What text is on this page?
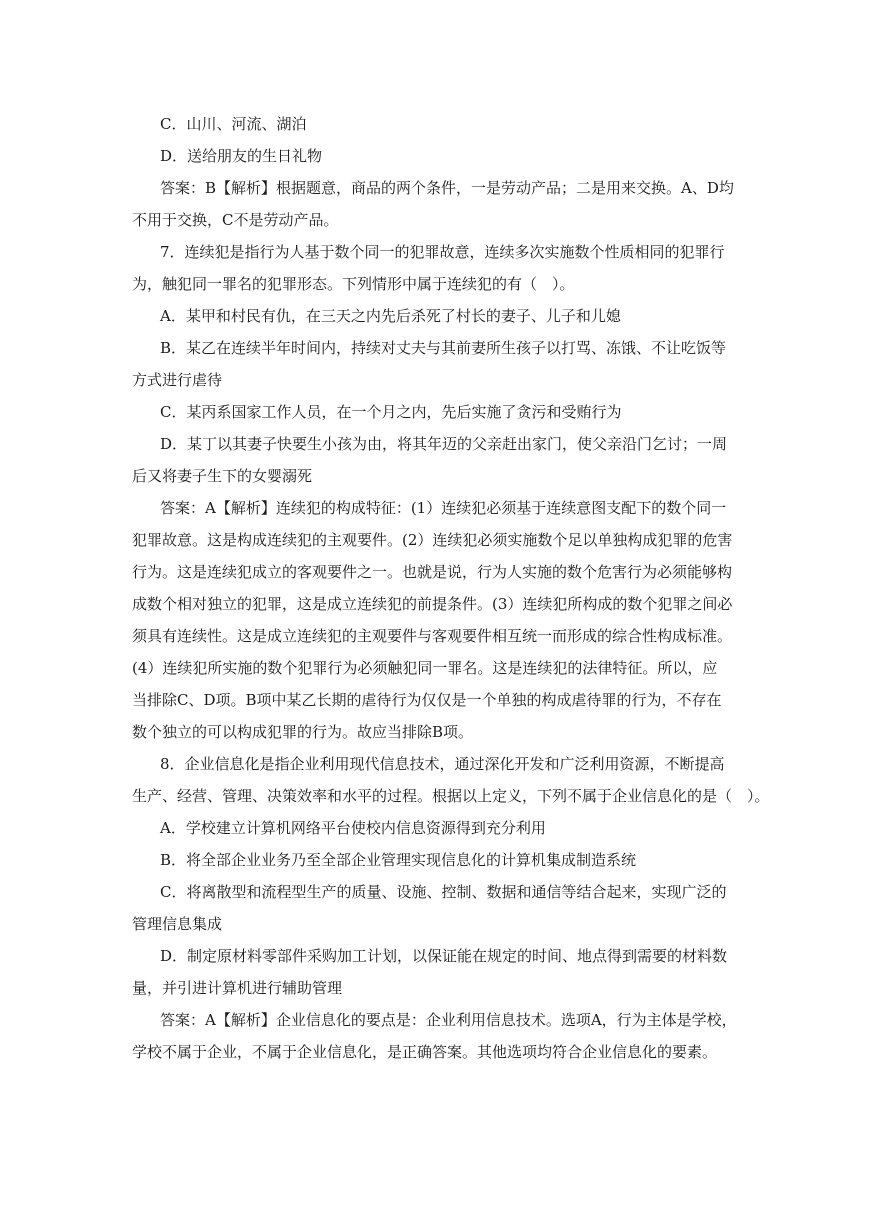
C．山川、河流、湖泊
D．送给朋友的生日礼物
答案：B【解析】根据题意，商品的两个条件，一是劳动产品；二是用来交换。A、D均
不用于交换，C不是劳动产品。
7．连续犯是指行为人基于数个同一的犯罪故意，连续多次实施数个性质相同的犯罪行
为，触犯同一罪名的犯罪形态。下列情形中属于连续犯的有（　）。
A．某甲和村民有仇，在三天之内先后杀死了村长的妻子、儿子和儿媳
B．某乙在连续半年时间内，持续对丈夫与其前妻所生孩子以打骂、冻饿、不让吃饭等
方式进行虐待
C．某丙系国家工作人员，在一个月之内，先后实施了贪污和受贿行为
D．某丁以其妻子快要生小孩为由，将其年迈的父亲赶出家门，使父亲沿门乞讨；一周
后又将妻子生下的女婴溺死
答案：A【解析】连续犯的构成特征：(1）连续犯必须基于连续意图支配下的数个同一
犯罪故意。这是构成连续犯的主观要件。(2）连续犯必须实施数个足以单独构成犯罪的危害
行为。这是连续犯成立的客观要件之一。也就是说，行为人实施的数个危害行为必须能够构
成数个相对独立的犯罪，这是成立连续犯的前提条件。(3）连续犯所构成的数个犯罪之间必
须具有连续性。这是成立连续犯的主观要件与客观要件相互统一而形成的综合性构成标准。
(4）连续犯所实施的数个犯罪行为必须触犯同一罪名。这是连续犯的法律特征。所以，应
当排除C、D项。B项中某乙长期的虐待行为仅仅是一个单独的构成虐待罪的行为，不存在
数个独立的可以构成犯罪的行为。故应当排除B项。
8．企业信息化是指企业利用现代信息技术，通过深化开发和广泛利用资源，不断提高
生产、经营、管理、决策效率和水平的过程。根据以上定义，下列不属于企业信息化的是（　）。
A．学校建立计算机网络平台使校内信息资源得到充分利用
B．将全部企业业务乃至全部企业管理实现信息化的计算机集成制造系统
C．将离散型和流程型生产的质量、设施、控制、数据和通信等结合起来，实现广泛的
管理信息集成
D．制定原材料零部件采购加工计划，以保证能在规定的时间、地点得到需要的材料数
量，并引进计算机进行辅助管理
答案：A【解析】企业信息化的要点是：企业利用信息技术。选项A，行为主体是学校，
学校不属于企业，不属于企业信息化，是正确答案。其他选项均符合企业信息化的要素。
